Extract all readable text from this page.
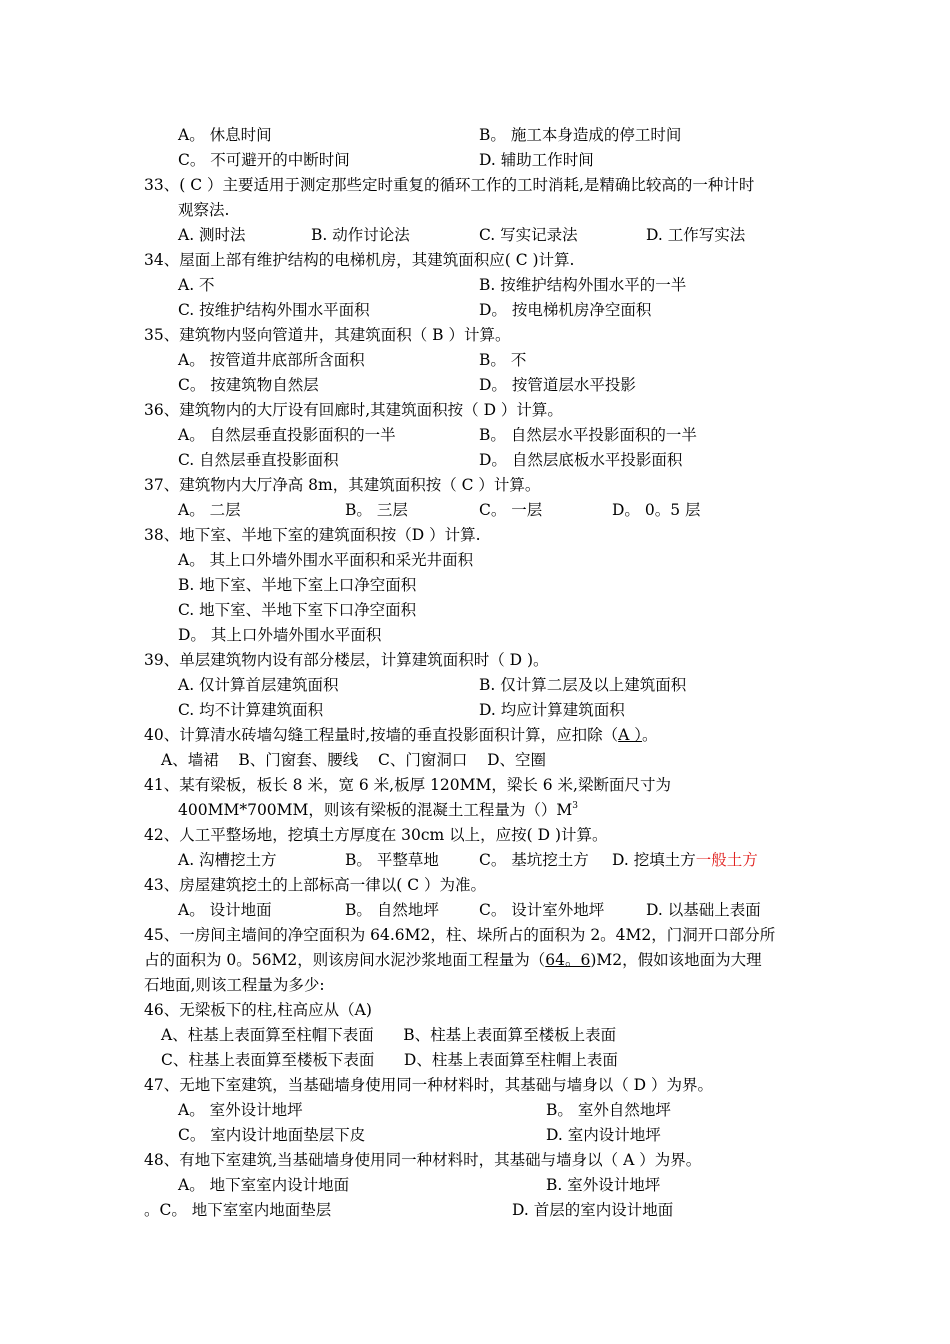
A。 休息时间	B。 施工本身造成的停工时间
C。 不可避开的中断时间	D. 辅助工作时间
33、( C ）主要适用于测定那些定时重复的循环工作的工时消耗,是精确比较高的一种计时
观察法.
A. 测时法	B. 动作讨论法	C. 写实记录法	D. 工作写实法
34、屋面上部有维护结构的电梯机房，其建筑面积应( C )计算.
A. 不	B. 按维护结构外围水平的一半
C. 按维护结构外围水平面积	D。 按电梯机房净空面积
35、建筑物内竖向管道井，其建筑面积（ B ）计算。
A。 按管道井底部所含面积	B。 不
C。 按建筑物自然层	D。 按管道层水平投影
36、建筑物内的大厅设有回廊时,其建筑面积按（ D ）计算。
A。 自然层垂直投影面积的一半	B。 自然层水平投影面积的一半
C. 自然层垂直投影面积	D。 自然层底板水平投影面积
37、建筑物内大厅净高 8m，其建筑面积按（ C ）计算。
A。 二层	B。 三层	C。 一层	D。 0。5 层
38、地下室、半地下室的建筑面积按（D ）计算.
A。 其上口外墙外围水平面积和采光井面积
B. 地下室、半地下室上口净空面积
C. 地下室、半地下室下口净空面积
D。 其上口外墙外围水平面积
39、单层建筑物内设有部分楼层，计算建筑面积时（ D )。
A. 仅计算首层建筑面积	B. 仅计算二层及以上建筑面积
C. 均不计算建筑面积	D. 均应计算建筑面积
40、计算清水砖墙勾缝工程量时,按墙的垂直投影面积计算，应扣除（A ）。
A、墙裙    B、门窗套、腰线    C、门窗洞口    D、空圈
41、某有梁板，板长 8 米，宽 6 米,板厚 120MM，梁长 6 米,梁断面尺寸为
400MM*700MM，则该有梁板的混凝土工程量为$()M^3$
42、人工平整场地，挖填土方厚度在 30cm 以上，应按( D )计算。
A. 沟槽挖土方	B。 平整草地	C。 基坑挖土方 D. 挖填土方一般土方
43、房屋建筑挖土的上部标高一律以( C ）为准。
A。 设计地面	B。 自然地坪	C。 设计室外地坪	D. 以基础上表面
45、一房间主墙间的净空面积为 64.6M2，柱、垛所占的面积为 2。4M2，门洞开口部分所
占的面积为 0。56M2，则该房间水泥沙浆地面工程量为（64。6)M2，假如该地面为大理
石地面,则该工程量为多少:
46、无梁板下的柱,柱高应从（A)
A、柱基上表面算至柱帽下表面      B、柱基上表面算至楼板上表面
C、柱基上表面算至楼板下表面      D、柱基上表面算至柱帽上表面
47、无地下室建筑，当基础墙身使用同一种材料时，其基础与墙身以（ D ）为界。
A。 室外设计地坪	B。 室外自然地坪
C。 室内设计地面垫层下皮	D. 室内设计地坪
48、有地下室建筑,当基础墙身使用同一种材料时，其基础与墙身以（ A ）为界。
A。 地下室室内设计地面	B. 室外设计地坪
。C。 地下室室内地面垫层	D. 首层的室内设计地面
